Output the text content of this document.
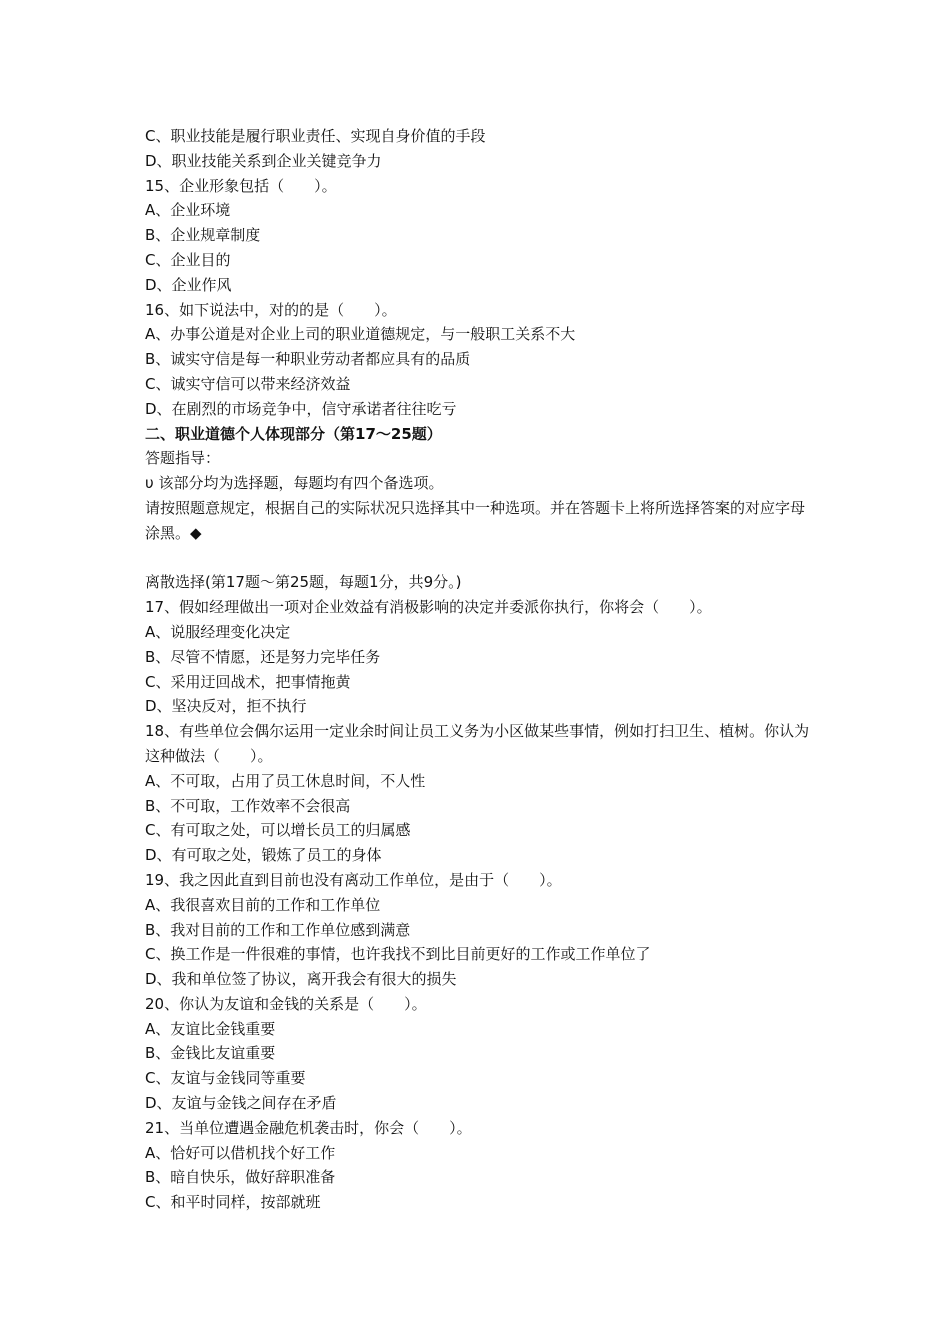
C、职业技能是履行职业责任、实现自身价值的手段
D、职业技能关系到企业关键竞争力
15、企业形象包括（　　）。
A、企业环境
B、企业规章制度
C、企业目的
D、企业作风
16、如下说法中，对的的是（　　）。
A、办事公道是对企业上司的职业道德规定，与一般职工关系不大
B、诚实守信是每一种职业劳动者都应具有的品质
C、诚实守信可以带来经济效益
D、在剧烈的市场竞争中，信守承诺者往往吃亏
二、职业道德个人体现部分（第17～25题）
答题指导：
υ 该部分均为选择题，每题均有四个备选项。
请按照题意规定，根据自己的实际状况只选择其中一种选项。并在答题卡上将所选择答案的对应字母涂黑。◆
离散选择(第17题～第25题，每题1分，共9分。)
17、假如经理做出一项对企业效益有消极影响的决定并委派你执行，你将会（　　）。
A、说服经理变化决定
B、尽管不情愿，还是努力完毕任务
C、采用迂回战术，把事情拖黄
D、坚决反对，拒不执行
18、有些单位会偶尔运用一定业余时间让员工义务为小区做某些事情，例如打扫卫生、植树。你认为这种做法（　　）。
A、不可取，占用了员工休息时间，不人性
B、不可取，工作效率不会很高
C、有可取之处，可以增长员工的归属感
D、有可取之处，锻炼了员工的身体
19、我之因此直到目前也没有离动工作单位，是由于（　　）。
A、我很喜欢目前的工作和工作单位
B、我对目前的工作和工作单位感到满意
C、换工作是一件很难的事情，也许我找不到比目前更好的工作或工作单位了
D、我和单位签了协议，离开我会有很大的损失
20、你认为友谊和金钱的关系是（　　）。
A、友谊比金钱重要
B、金钱比友谊重要
C、友谊与金钱同等重要
D、友谊与金钱之间存在矛盾
21、当单位遭遇金融危机袭击时，你会（　　）。
A、恰好可以借机找个好工作
B、暗自快乐，做好辞职准备
C、和平时同样，按部就班
